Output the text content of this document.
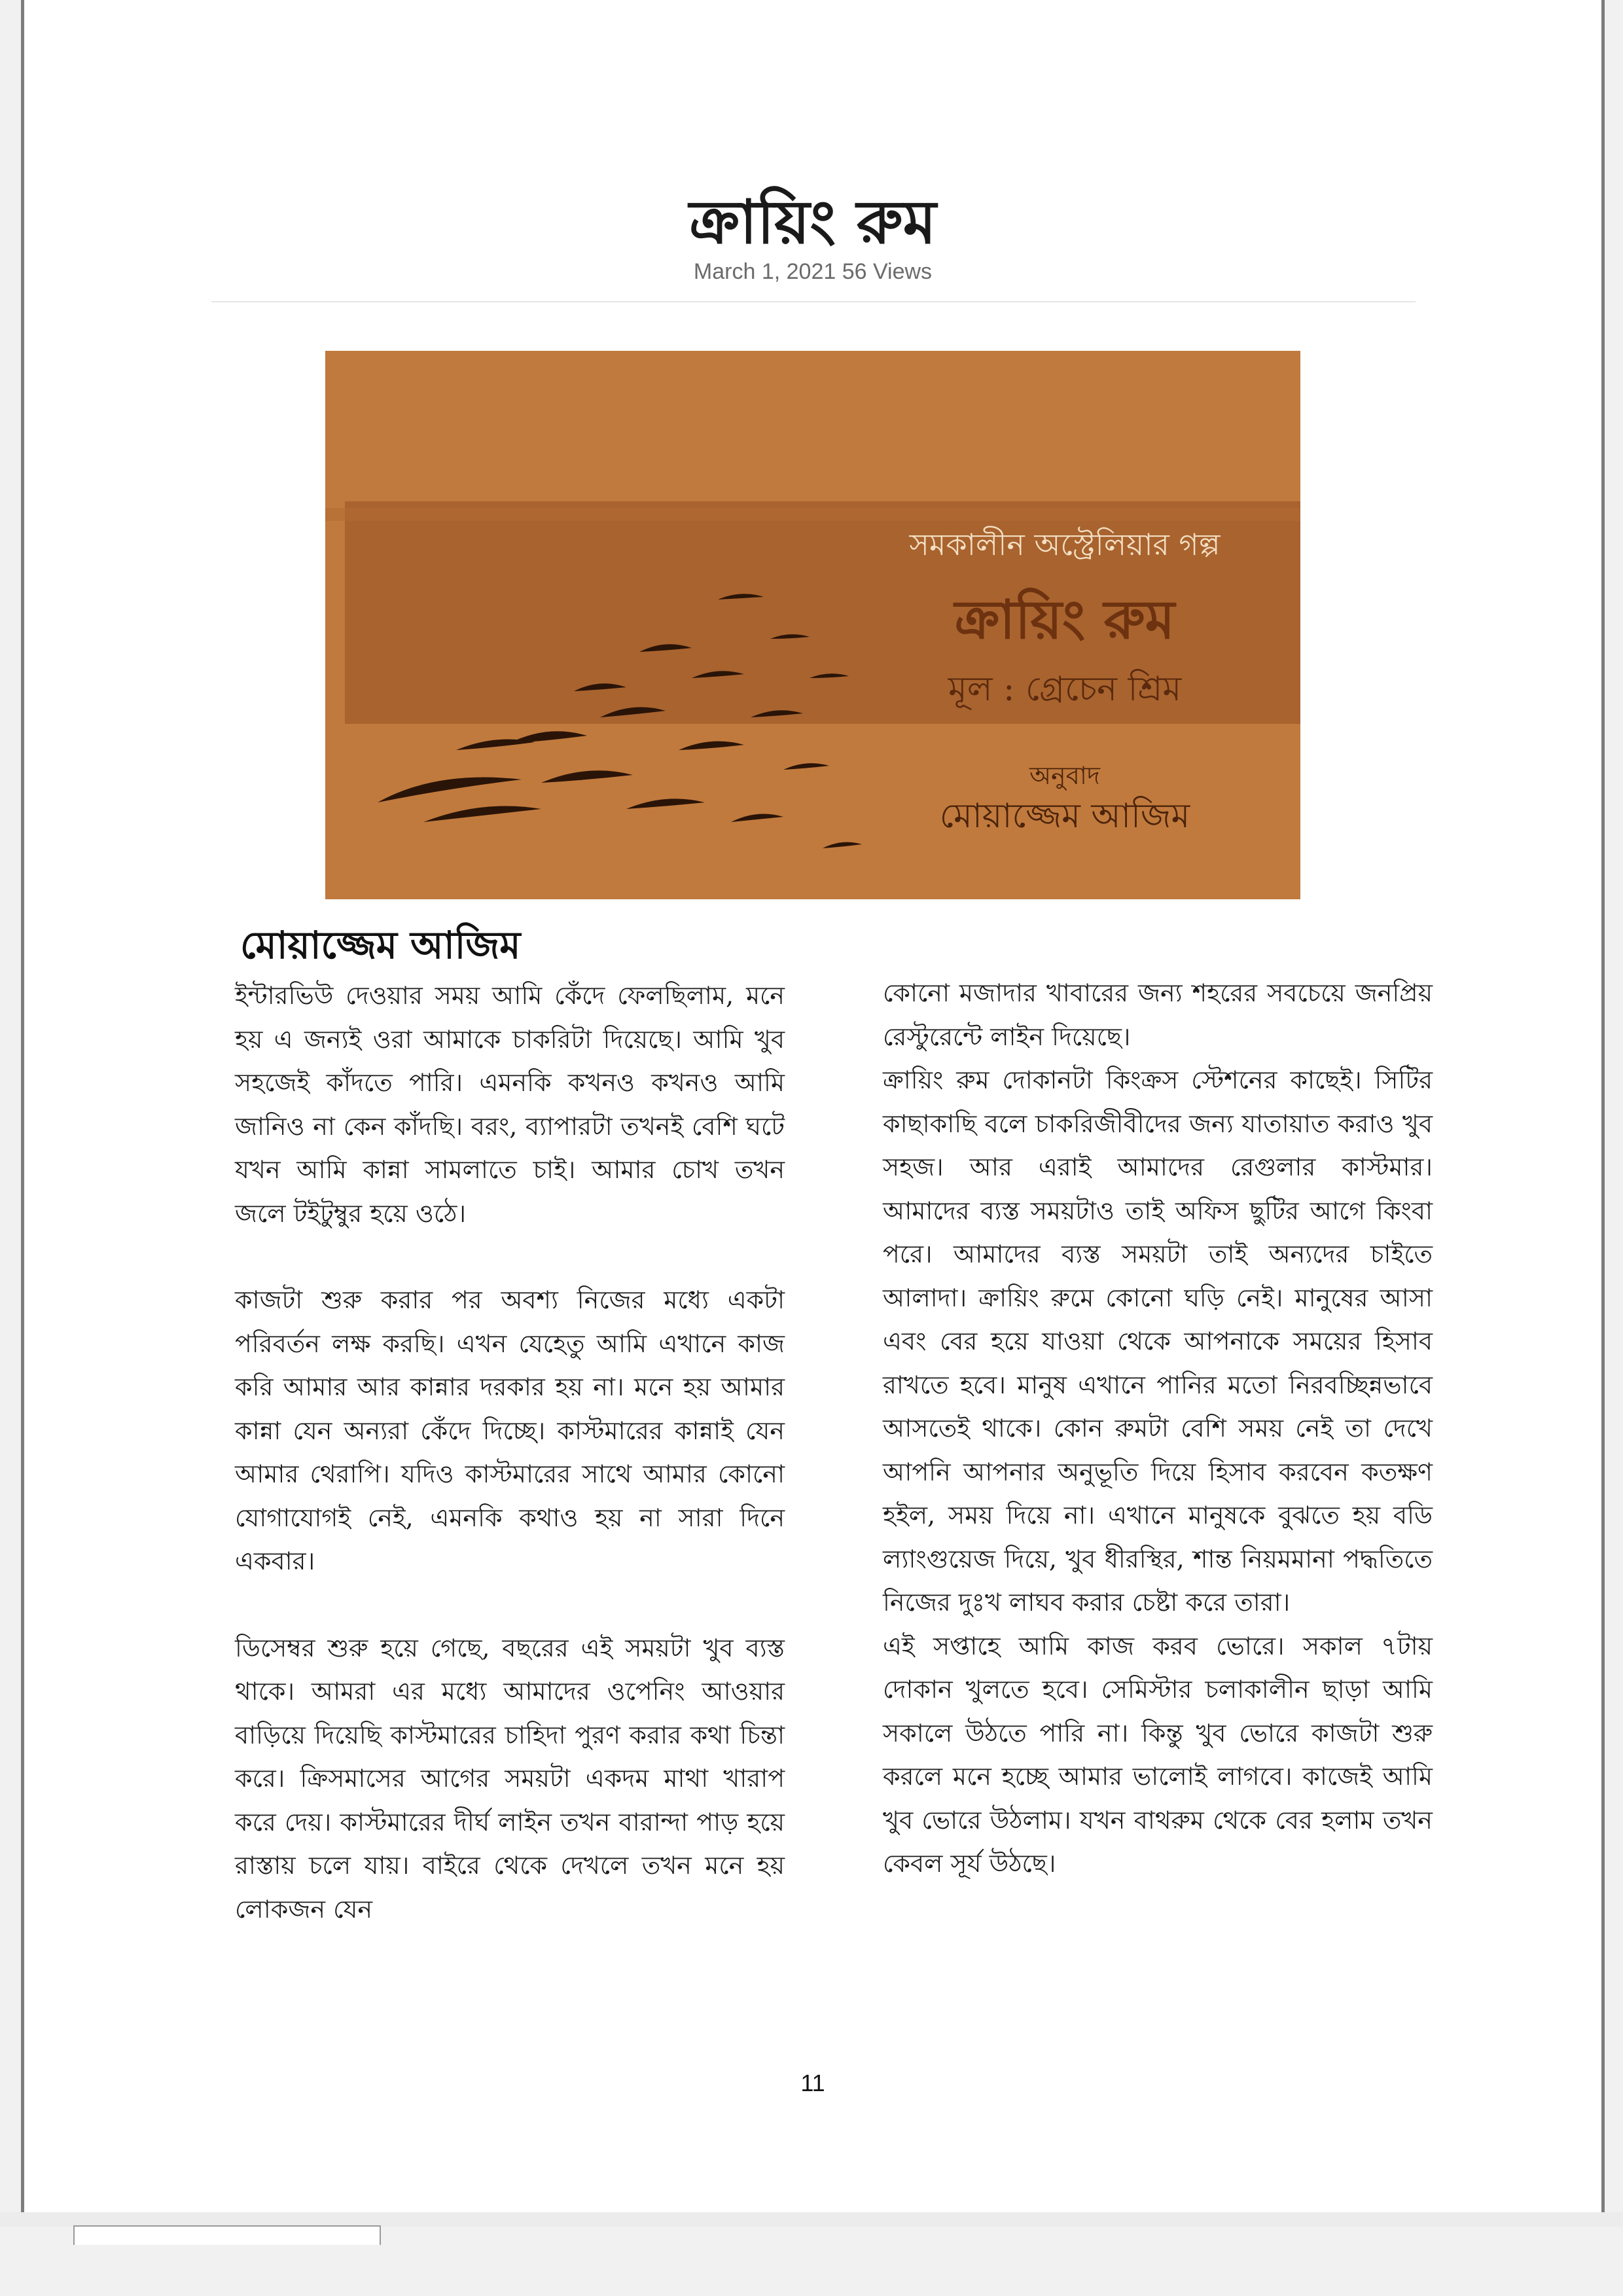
ক্রায়িং রুম
March 1, 2021 56 Views
সমকালীন অস্ট্রেলিয়ার গল্প
ক্রায়িং রুম
মূল : গ্রেচেন শ্রিম
অনুবাদ
মোয়াজ্জেম আজিম
মোয়াজ্জেম আজিম

ইন্টারভিউ দেওয়ার সময় আমি কেঁদে ফেলছিলাম, মনে হয় এ জন্যই ওরা আমাকে চাকরিটা দিয়েছে। আমি খুব সহজেই কাঁদতে পারি। এমনকি কখনও কখনও আমি জানিও না কেন কাঁদছি। বরং, ব্যাপারটা তখনই বেশি ঘটে যখন আমি কান্না সামলাতে চাই। আমার চোখ তখন জলে টইটুম্বুর হয়ে ওঠে।

কাজটা শুরু করার পর অবশ্য নিজের মধ্যে একটা পরিবর্তন লক্ষ করছি। এখন যেহেতু আমি এখানে কাজ করি আমার আর কান্নার দরকার হয় না। মনে হয় আমার কান্না যেন অন্যরা কেঁদে দিচ্ছে। কাস্টমারের কান্নাই যেন আমার থেরাপি। যদিও কাস্টমারের সাথে আমার কোনো যোগাযোগই নেই, এমনকি কথাও হয় না সারা দিনে একবার।

ডিসেম্বর শুরু হয়ে গেছে, বছরের এই সময়টা খুব ব্যস্ত থাকে। আমরা এর মধ্যে আমাদের ওপেনিং আওয়ার বাড়িয়ে দিয়েছি কাস্টমারের চাহিদা পুরণ করার কথা চিন্তা করে। ক্রিসমাসের আগের সময়টা একদম মাথা খারাপ করে দেয়। কাস্টমারের দীর্ঘ লাইন তখন বারান্দা পাড় হয়ে রাস্তায় চলে যায়। বাইরে থেকে দেখলে তখন মনে হয় লোকজন যেন

কোনো মজাদার খাবারের জন্য শহরের সবচেয়ে জনপ্রিয় রেস্টুরেন্টে লাইন দিয়েছে।

ক্রায়িং রুম দোকানটা কিংক্রস স্টেশনের কাছেই। সিটির কাছাকাছি বলে চাকরিজীবীদের জন্য যাতায়াত করাও খুব সহজ। আর এরাই আমাদের রেগুলার কাস্টমার। আমাদের ব্যস্ত সময়টাও তাই অফিস ছুটির আগে কিংবা পরে। আমাদের ব্যস্ত সময়টা তাই অন্যদের চাইতে আলাদা। ক্রায়িং রুমে কোনো ঘড়ি নেই। মানুষের আসা এবং বের হয়ে যাওয়া থেকে আপনাকে সময়ের হিসাব রাখতে হবে। মানুষ এখানে পানির মতো নিরবচ্ছিন্নভাবে আসতেই থাকে। কোন রুমটা বেশি সময় নেই তা দেখে আপনি আপনার অনুভূতি দিয়ে হিসাব করবেন কতক্ষণ হইল, সময় দিয়ে না। এখানে মানুষকে বুঝতে হয় বডি ল্যাংগুয়েজ দিয়ে, খুব ধীরস্থির, শান্ত নিয়মমানা পদ্ধতিতে নিজের দুঃখ লাঘব করার চেষ্টা করে তারা।

এই সপ্তাহে আমি কাজ করব ভোরে। সকাল ৭টায় দোকান খুলতে হবে। সেমিস্টার চলাকালীন ছাড়া আমি সকালে উঠতে পারি না। কিন্তু খুব ভোরে কাজটা শুরু করলে মনে হচ্ছে আমার ভালোই লাগবে। কাজেই আমি খুব ভোরে উঠলাম। যখন বাথরুম থেকে বের হলাম তখন কেবল সূর্য উঠছে।

11
